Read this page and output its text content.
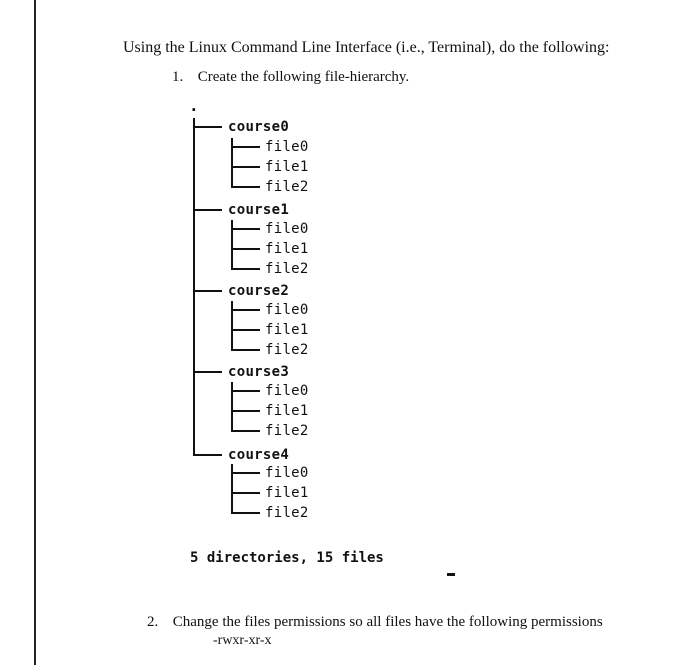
Using the Linux Command Line Interface (i.e., Terminal), do the following:

1. Create the following file-hierarchy.

.

course0

file0

file1

file2

course1

file0

file1

file2

course2

file0

file1

file2

course3

file0

file1

file2

course4

file0

file1

file2

5 directories, 15 files

2. Change the files permissions so all files have the following permissions

-rwxr-xr-x
